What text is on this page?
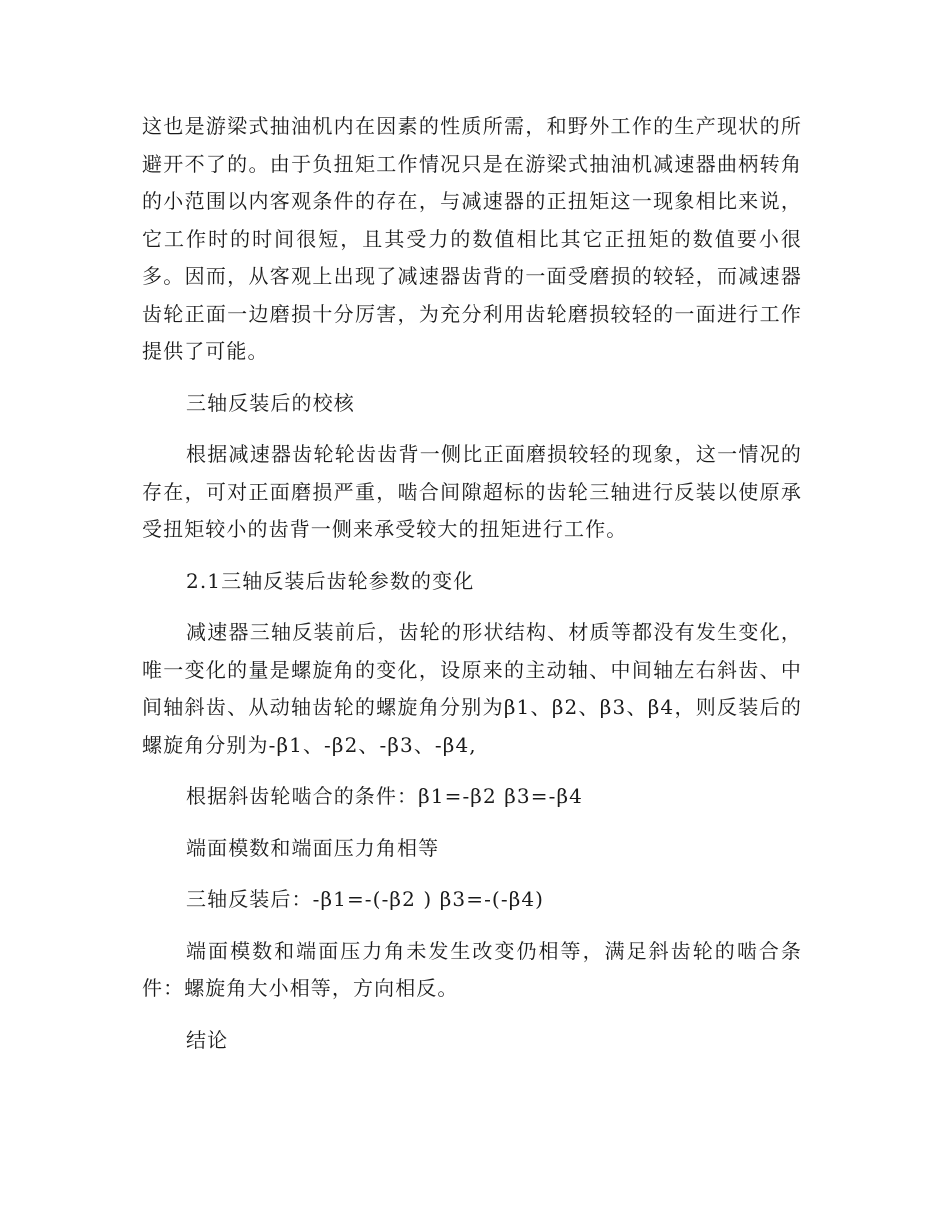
这也是游梁式抽油机内在因素的性质所需，和野外工作的生产现状的所避开不了的。由于负扭矩工作情况只是在游梁式抽油机减速器曲柄转角的小范围以内客观条件的存在，与减速器的正扭矩这一现象相比来说，它工作时的时间很短，且其受力的数值相比其它正扭矩的数值要小很多。因而，从客观上出现了减速器齿背的一面受磨损的较轻，而减速器齿轮正面一边磨损十分厉害，为充分利用齿轮磨损较轻的一面进行工作提供了可能。

三轴反装后的校核

根据减速器齿轮轮齿齿背一侧比正面磨损较轻的现象，这一情况的存在，可对正面磨损严重，啮合间隙超标的齿轮三轴进行反装以使原承受扭矩较小的齿背一侧来承受较大的扭矩进行工作。

2.1三轴反装后齿轮参数的变化

减速器三轴反装前后，齿轮的形状结构、材质等都没有发生变化，唯一变化的量是螺旋角的变化，设原来的主动轴、中间轴左右斜齿、中间轴斜齿、从动轴齿轮的螺旋角分别为β1、β2、β3、β4，则反装后的螺旋角分别为-β1、-β2、-β3、-β4,

根据斜齿轮啮合的条件：β1=-β2 β3=-β4

端面模数和端面压力角相等

三轴反装后：-β1=-(-β2 ) β3=-(-β4)

端面模数和端面压力角未发生改变仍相等，满足斜齿轮的啮合条件：螺旋角大小相等，方向相反。

结论
